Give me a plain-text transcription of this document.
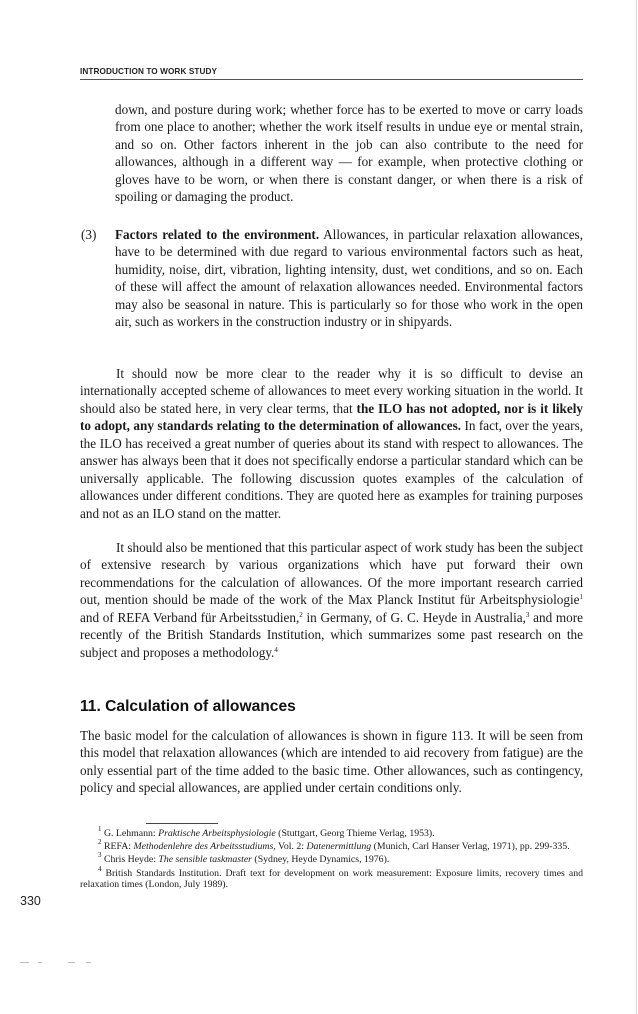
INTRODUCTION TO WORK STUDY

down, and posture during work; whether force has to be exerted to move or carry loads from one place to another; whether the work itself results in undue eye or mental strain, and so on. Other factors inherent in the job can also contribute to the need for allowances, although in a different way — for example, when protective clothing or gloves have to be worn, or when there is constant danger, or when there is a risk of spoiling or damaging the product.

(3) Factors related to the environment. Allowances, in particular relaxation allowances, have to be determined with due regard to various environmental factors such as heat, humidity, noise, dirt, vibration, lighting intensity, dust, wet conditions, and so on. Each of these will affect the amount of relaxation allowances needed. Environmental factors may also be seasonal in nature. This is particularly so for those who work in the open air, such as workers in the construction industry or in shipyards.

It should now be more clear to the reader why it is so difficult to devise an internationally accepted scheme of allowances to meet every working situation in the world. It should also be stated here, in very clear terms, that the ILO has not adopted, nor is it likely to adopt, any standards relating to the determination of allowances. In fact, over the years, the ILO has received a great number of queries about its stand with respect to allowances. The answer has always been that it does not specifically endorse a particular standard which can be universally applicable. The following discussion quotes examples of the calculation of allowances under different conditions. They are quoted here as examples for training purposes and not as an ILO stand on the matter.

It should also be mentioned that this particular aspect of work study has been the subject of extensive research by various organizations which have put forward their own recommendations for the calculation of allowances. Of the more important research carried out, mention should be made of the work of the Max Planck Institut für Arbeitsphysiologie$^1$ and of REFA Verband für Arbeitsstudien,$^2$ in Germany, of G. C. Heyde in Australia,$^3$ and more recently of the British Standards Institution, which summarizes some past research on the subject and proposes a methodology.$^4$

11. Calculation of allowances

The basic model for the calculation of allowances is shown in figure 113. It will be seen from this model that relaxation allowances (which are intended to aid recovery from fatigue) are the only essential part of the time added to the basic time. Other allowances, such as contingency, policy and special allowances, are applied under certain conditions only.

$^1$ G. Lehmann: Praktische Arbeitsphysiologie (Stuttgart, Georg Thieme Verlag, 1953).

$^2$ REFA: Methodenlehre des Arbeitsstudiums, Vol. 2: Datenermittlung (Munich, Carl Hanser Verlag, 1971), pp. 299-335.

$^3$ Chris Heyde: The sensible taskmaster (Sydney, Heyde Dynamics, 1976).

$^4$ British Standards Institution. Draft text for development on work measurement: Exposure limits, recovery times and relaxation times (London, July 1989).

330
